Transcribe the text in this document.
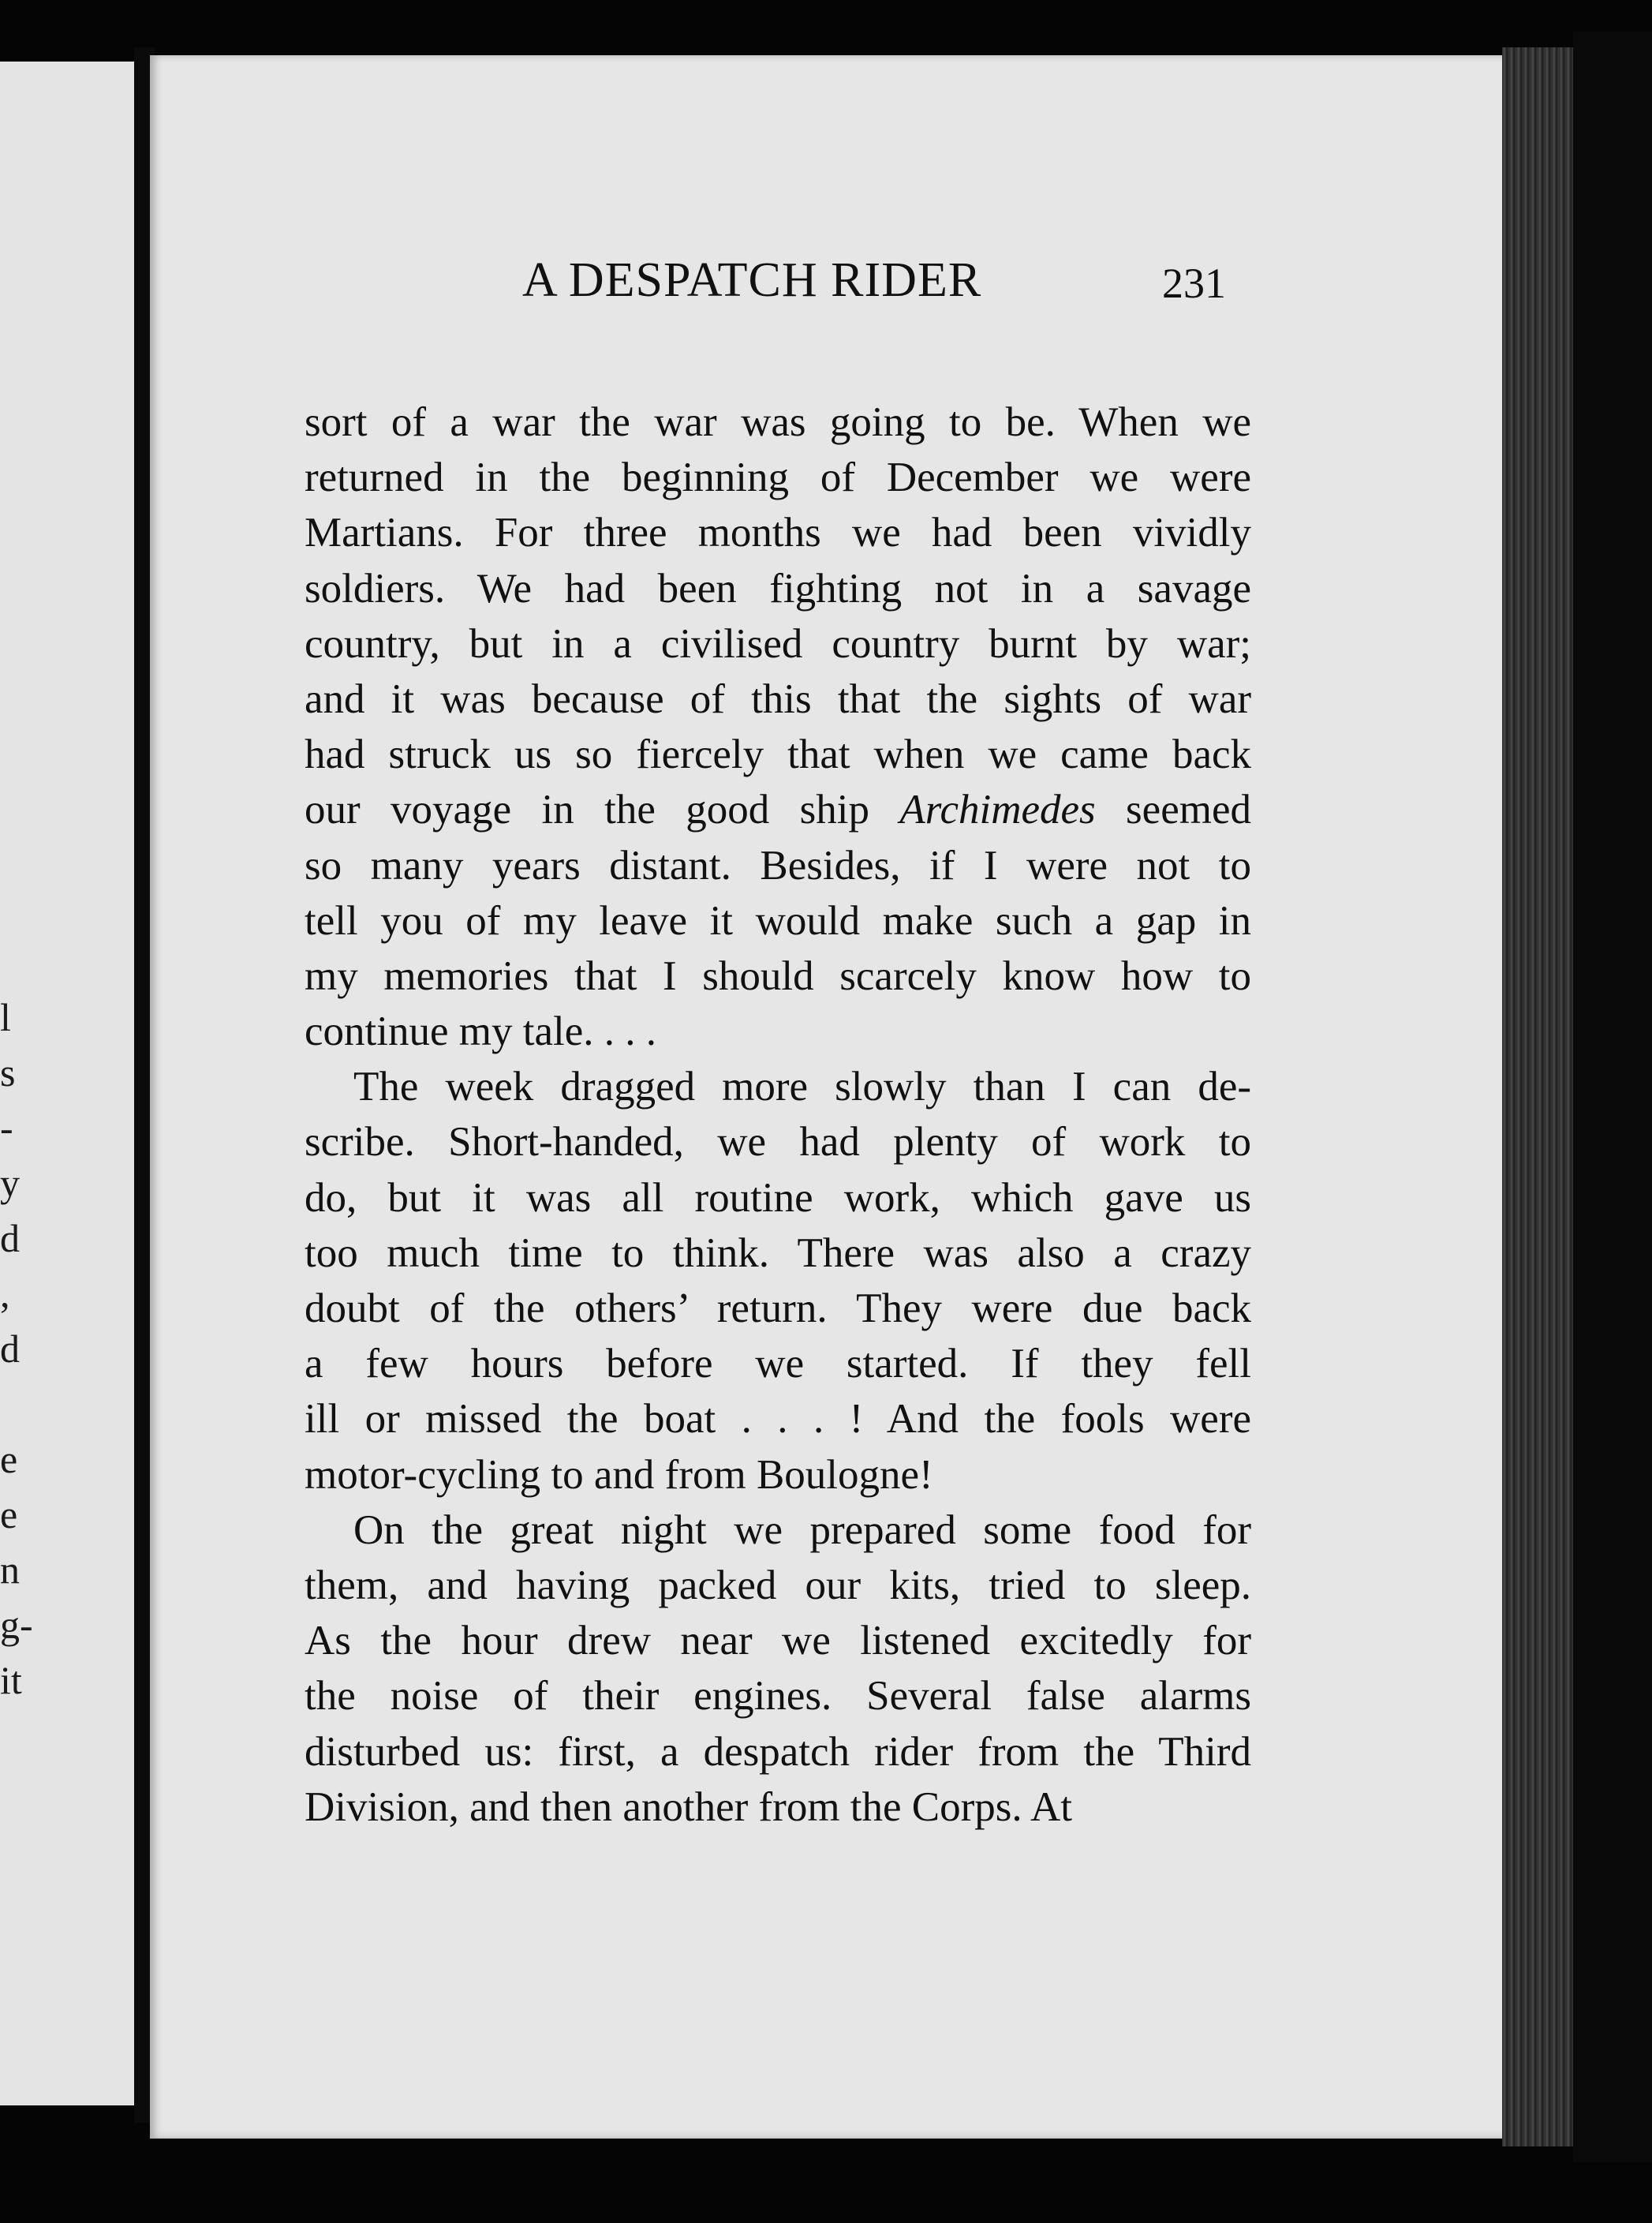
l
s
-
y
d
,
d
e
e
n
g-
it
A DESPATCH RIDER	231
sort of a war the war was going to be. When we
returned in the beginning of December we were
Martians. For three months we had been vividly
soldiers. We had been fighting not in a savage
country, but in a civilised country burnt by war;
and it was because of this that the sights of war
had struck us so fiercely that when we came back
our voyage in the good ship Archimedes seemed
so many years distant. Besides, if I were not to
tell you of my leave it would make such a gap in
my memories that I should scarcely know how to
continue my tale. . . .
The week dragged more slowly than I can de-
scribe. Short-handed, we had plenty of work to
do, but it was all routine work, which gave us
too much time to think. There was also a crazy
doubt of the others’ return. They were due back
a few hours before we started. If they fell
ill or missed the boat . . . ! And the fools were
motor-cycling to and from Boulogne!
On the great night we prepared some food for
them, and having packed our kits, tried to sleep.
As the hour drew near we listened excitedly for
the noise of their engines. Several false alarms
disturbed us: first, a despatch rider from the Third
Division, and then another from the Corps. At
